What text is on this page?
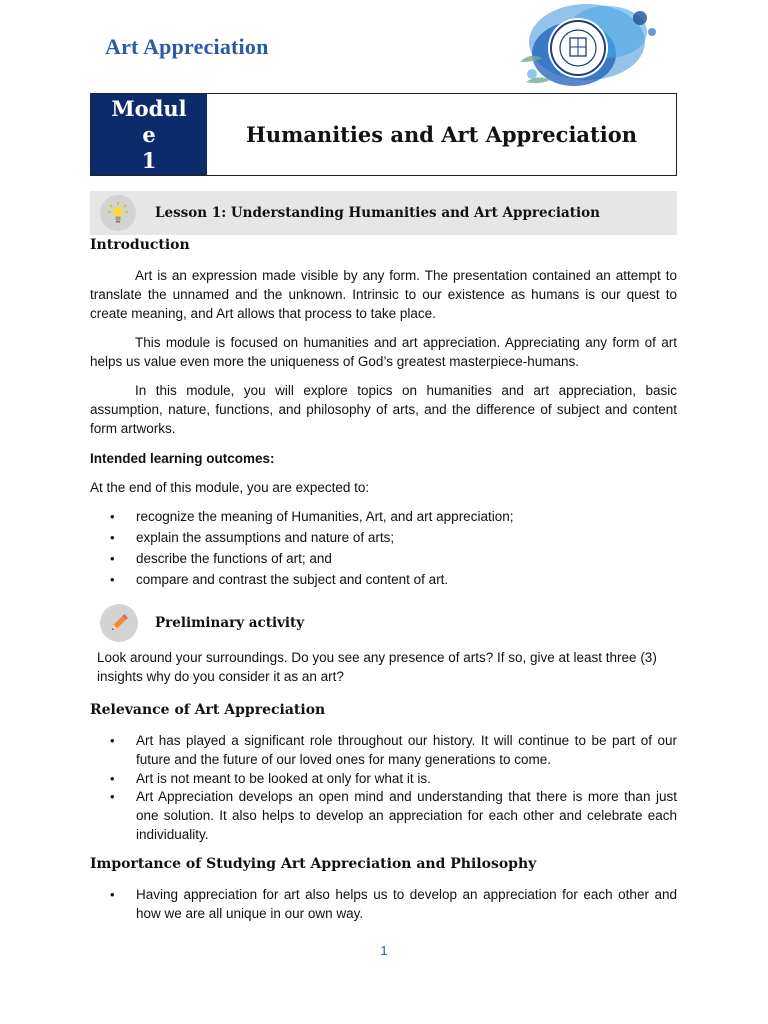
Art Appreciation
Modul
e
1
Humanities and Art Appreciation
Lesson 1: Understanding Humanities and Art Appreciation
Introduction

Art is an expression made visible by any form. The presentation contained an attempt to translate the unnamed and the unknown. Intrinsic to our existence as humans is our quest to create meaning, and Art allows that process to take place.

This module is focused on humanities and art appreciation. Appreciating any form of art helps us value even more the uniqueness of God’s greatest masterpiece-humans.

In this module, you will explore topics on humanities and art appreciation, basic assumption, nature, functions, and philosophy of arts, and the difference of subject and content form artworks.

Intended learning outcomes:

At the end of this module, you are expected to:

• recognize the meaning of Humanities, Art, and art appreciation;
• explain the assumptions and nature of arts;
• describe the functions of art; and
• compare and contrast the subject and content of art.
Preliminary activity

Look around your surroundings. Do you see any presence of arts? If so, give at least three (3) insights why do you consider it as an art?

Relevance of Art Appreciation
• Art has played a significant role throughout our history. It will continue to be part of our future and the future of our loved ones for many generations to come.
• Art is not meant to be looked at only for what it is.
• Art Appreciation develops an open mind and understanding that there is more than just one solution. It also helps to develop an appreciation for each other and celebrate each individuality.
Importance of Studying Art Appreciation and Philosophy
• Having appreciation for art also helps us to develop an appreciation for each other and how we are all unique in our own way.
1
